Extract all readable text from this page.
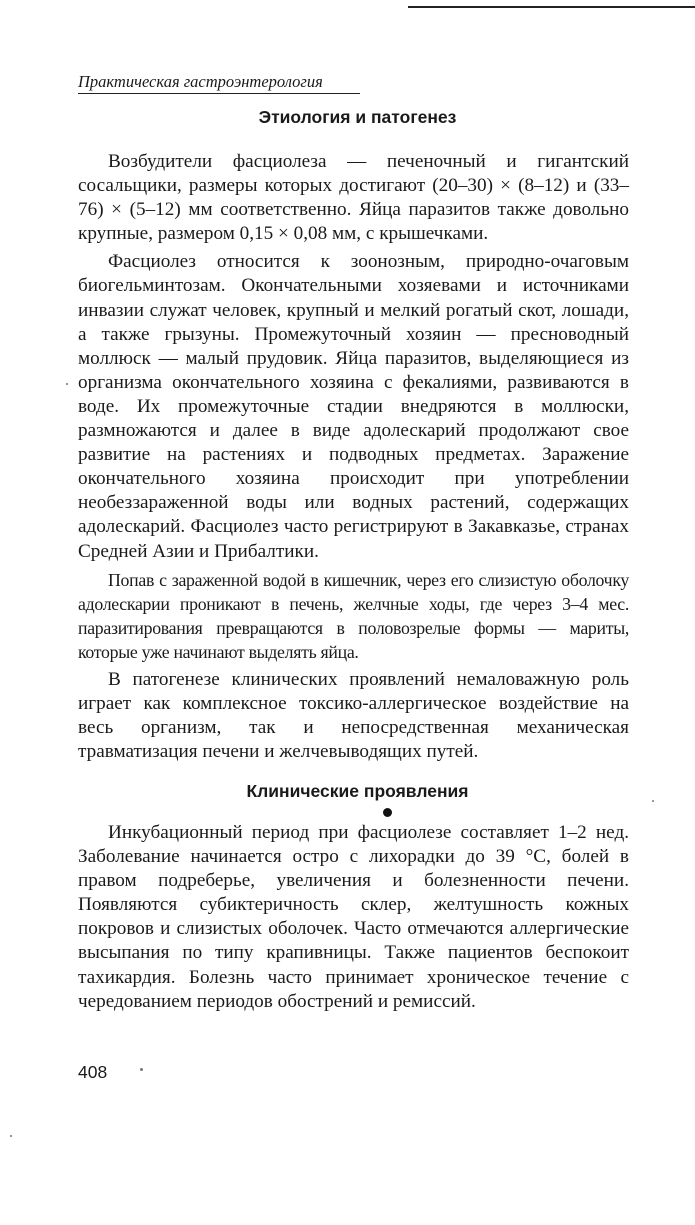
Практическая гастроэнтерология
Этиология и патогенез

Возбудители фасциолеза — печеночный и гигантский сосальщики, размеры которых достигают (20–30) × (8–12) и (33–76) × (5–12) мм соответственно. Яйца паразитов также довольно крупные, размером 0,15 × 0,08 мм, с крышечками.

Фасциолез относится к зоонозным, природно-очаговым биогельминтозам. Окончательными хозяевами и источниками инвазии служат человек, крупный и мелкий рогатый скот, лошади, а также грызуны. Промежуточный хозяин — пресноводный моллюск — малый прудовик. Яйца паразитов, выделяющиеся из организма окончательного хозяина с фекалиями, развиваются в воде. Их промежуточные стадии внедряются в моллюски, размножаются и далее в виде адолескарий продолжают свое развитие на растениях и подводных предметах. Заражение окончательного хозяина происходит при употреблении необеззараженной воды или водных растений, содержащих адолескарий. Фасциолез часто регистрируют в Закавказье, странах Средней Азии и Прибалтики.

Попав с зараженной водой в кишечник, через его слизистую оболочку адолескарии проникают в печень, желчные ходы, где через 3–4 мес. паразитирования превращаются в половозрелые формы — мариты, которые уже начинают выделять яйца.

В патогенезе клинических проявлений немаловажную роль играет как комплексное токсико-аллергическое воздействие на весь организм, так и непосредственная механическая травматизация печени и желчевыводящих путей.

Клинические проявления

Инкубационный период при фасциолезе составляет 1–2 нед. Заболевание начинается остро с лихорадки до 39 °С, болей в правом подреберье, увеличения и болезненности печени. Появляются субиктеричность склер, желтушность кожных покровов и слизистых оболочек. Часто отмечаются аллергические высыпания по типу крапивницы. Также пациентов беспокоит тахикардия. Болезнь часто принимает хроническое течение с чередованием периодов обострений и ремиссий.

408
